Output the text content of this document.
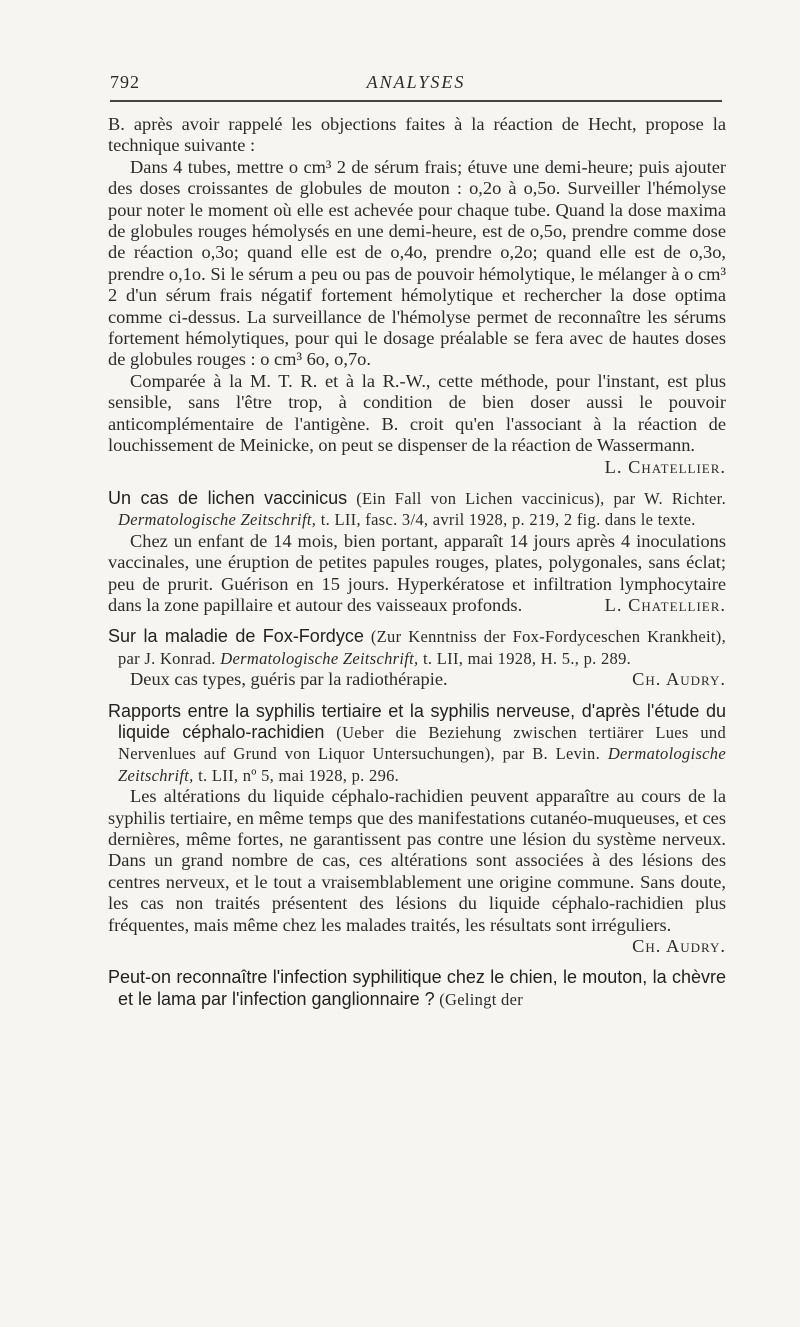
792	ANALYSES

B. après avoir rappelé les objections faites à la réaction de Hecht, propose la technique suivante :

Dans 4 tubes, mettre o cm³ 2 de sérum frais; étuve une demi-heure; puis ajouter des doses croissantes de globules de mouton : o,2o à o,5o. Surveiller l'hémolyse pour noter le moment où elle est achevée pour chaque tube. Quand la dose maxima de globules rouges hémolysés en une demi-heure, est de o,5o, prendre comme dose de réaction o,3o; quand elle est de o,4o, prendre o,2o; quand elle est de o,3o, prendre o,1o. Si le sérum a peu ou pas de pouvoir hémolytique, le mélanger à o cm³ 2 d'un sérum frais négatif fortement hémolytique et rechercher la dose optima comme ci-dessus. La surveillance de l'hémolyse permet de reconnaître les sérums fortement hémolytiques, pour qui le dosage préalable se fera avec de hautes doses de globules rouges : o cm³ 6o, o,7o.

Comparée à la M. T. R. et à la R.-W., cette méthode, pour l'instant, est plus sensible, sans l'être trop, à condition de bien doser aussi le pouvoir anticomplémentaire de l'antigène. B. croit qu'en l'associant à la réaction de louchissement de Meinicke, on peut se dispenser de la réaction de Wassermann.
L. Chatellier.

Un cas de lichen vaccinicus (Ein Fall von Lichen vaccinicus), par W. Richter. Dermatologische Zeitschrift, t. LII, fasc. 3/4, avril 1928, p. 219, 2 fig. dans le texte.

Chez un enfant de 14 mois, bien portant, apparaît 14 jours après 4 inoculations vaccinales, une éruption de petites papules rouges, plates, polygonales, sans éclat; peu de prurit. Guérison en 15 jours. Hyperkératose et infiltration lymphocytaire dans la zone papillaire et autour des vaisseaux profonds.	L. Chatellier.

Sur la maladie de Fox-Fordyce (Zur Kenntniss der Fox-Fordyceschen Krankheit), par J. Konrad. Dermatologische Zeitschrift, t. LII, mai 1928, H. 5., p. 289.

Deux cas types, guéris par la radiothérapie.	Ch. Audry.

Rapports entre la syphilis tertiaire et la syphilis nerveuse, d'après l'étude du liquide céphalo-rachidien (Ueber die Beziehung zwischen tertiärer Lues und Nervenlues auf Grund von Liquor Untersuchungen), par B. Levin. Dermatologische Zeitschrift, t. LII, nº 5, mai 1928, p. 296.

Les altérations du liquide céphalo-rachidien peuvent apparaître au cours de la syphilis tertiaire, en même temps que des manifestations cutanéo-muqueuses, et ces dernières, même fortes, ne garantissent pas contre une lésion du système nerveux. Dans un grand nombre de cas, ces altérations sont associées à des lésions des centres nerveux, et le tout a vraisemblablement une origine commune. Sans doute, les cas non traités présentent des lésions du liquide céphalo-rachidien plus fréquentes, mais même chez les malades traités, les résultats sont irréguliers.
Ch. Audry.

Peut-on reconnaître l'infection syphilitique chez le chien, le mouton, la chèvre et le lama par l'infection ganglionnaire ? (Gelingt der
